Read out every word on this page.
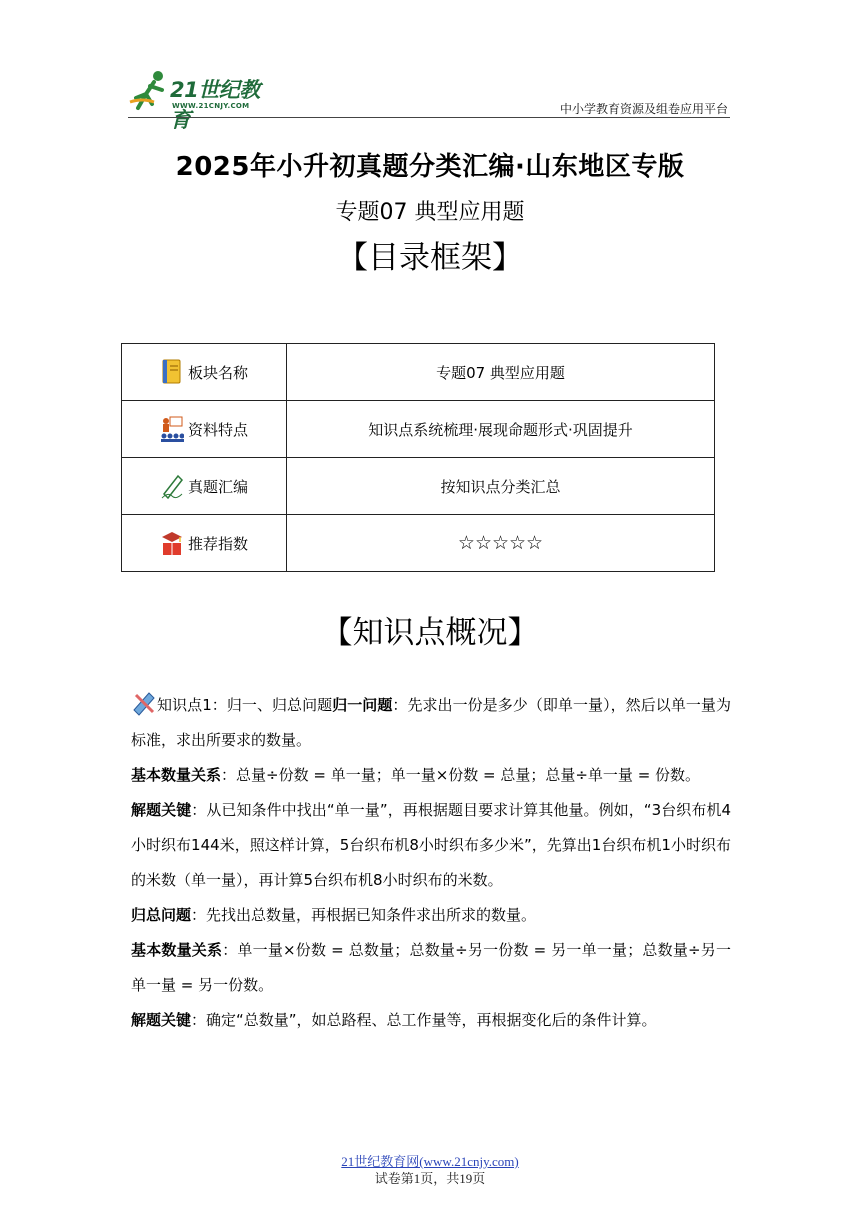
21世纪教育
WWW.21CNJY.COM	中小学教育资源及组卷应用平台
2025年小升初真题分类汇编·山东地区专版
专题07 典型应用题
【目录框架】
板块名称	专题07 典型应用题

资料特点	知识点系统梳理·展现命题形式·巩固提升

真题汇编	按知识点分类汇总

推荐指数	☆☆☆☆☆
【知识点概况】

知识点1：归一、归总问题归一问题：先求出一份是多少（即单一量），然后以单一量为标准，求出所要求的数量。

基本数量关系：总量÷份数 = 单一量；单一量×份数 = 总量；总量÷单一量 = 份数。

解题关键：从已知条件中找出“单一量”，再根据题目要求计算其他量。例如，“3台织布机4小时织布144米，照这样计算，5台织布机8小时织布多少米”，先算出1台织布机1小时织布的米数（单一量），再计算5台织布机8小时织布的米数。

归总问题：先找出总数量，再根据已知条件求出所求的数量。

基本数量关系：单一量×份数 = 总数量；总数量÷另一份数 = 另一单一量；总数量÷另一单一量 = 另一份数。

解题关键：确定“总数量”，如总路程、总工作量等，再根据变化后的条件计算。

21世纪教育网(www.21cnjy.com)
试卷第1页，共19页
